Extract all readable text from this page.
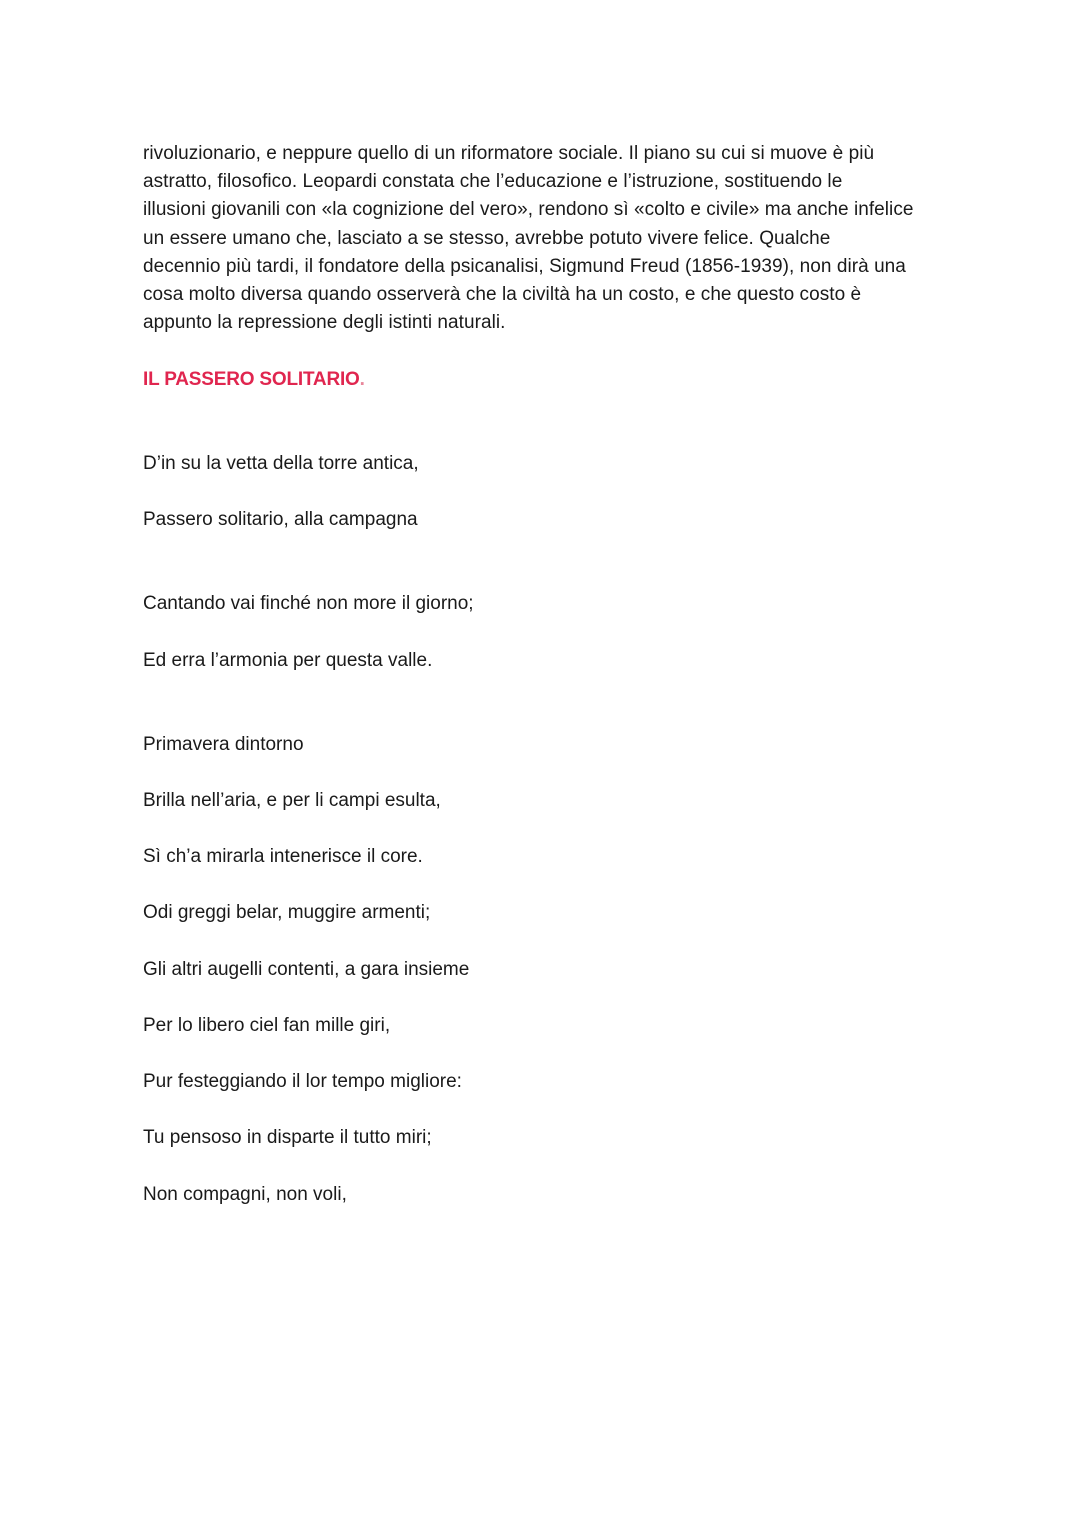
rivoluzionario, e neppure quello di un riformatore sociale. Il piano su cui si muove è più
astratto, filosofico. Leopardi constata che l’educazione e l’istruzione, sostituendo le
illusioni giovanili con «la cognizione del vero», rendono sì «colto e civile» ma anche infelice
un essere umano che, lasciato a se stesso, avrebbe potuto vivere felice. Qualche
decennio più tardi, il fondatore della psicanalisi, Sigmund Freud (1856-1939), non dirà una
cosa molto diversa quando osserverà che la civiltà ha un costo, e che questo costo è
appunto la repressione degli istinti naturali.

IL PASSERO SOLITARIO.
D’in su la vetta della torre antica,
Passero solitario, alla campagna
Cantando vai finché non more il giorno;
Ed erra l’armonia per questa valle.
Primavera dintorno
Brilla nell’aria, e per li campi esulta,
Sì ch’a mirarla intenerisce il core.
Odi greggi belar, muggire armenti;
Gli altri augelli contenti, a gara insieme
Per lo libero ciel fan mille giri,
Pur festeggiando il lor tempo migliore:
Tu pensoso in disparte il tutto miri;
Non compagni, non voli,
